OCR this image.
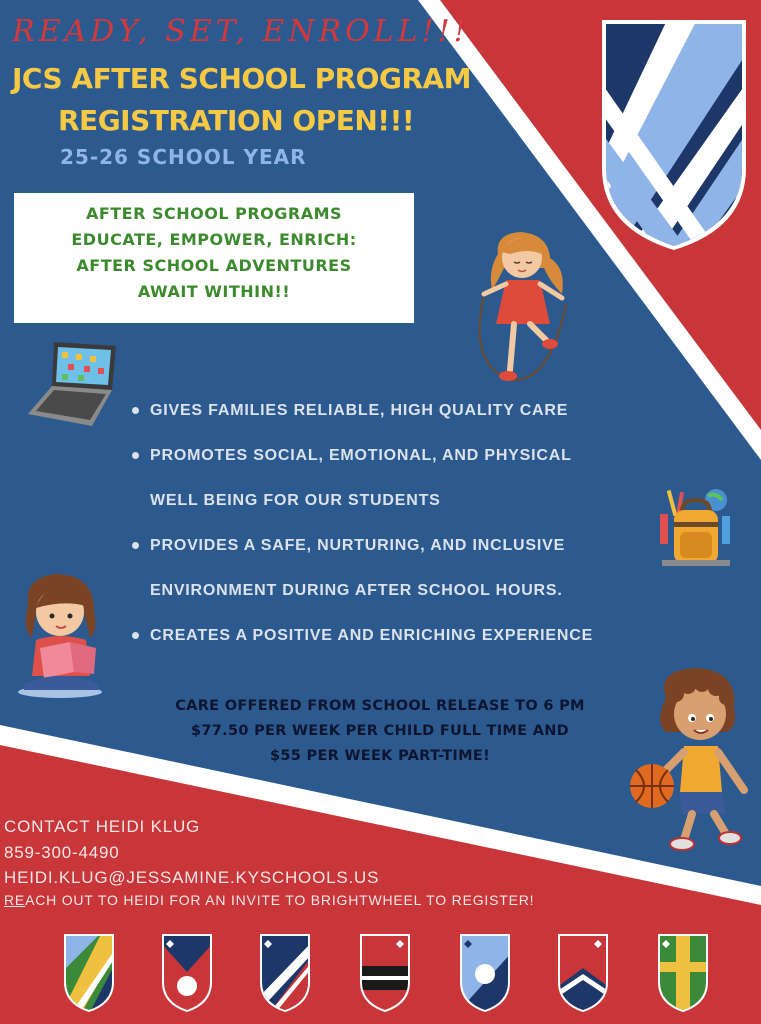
READY, SET, ENROLL!!!
JCS AFTER SCHOOL PROGRAM
REGISTRATION OPEN!!!
25-26 SCHOOL YEAR

AFTER SCHOOL PROGRAMS

EDUCATE, EMPOWER, ENRICH:

AFTER SCHOOL ADVENTURES

AWAIT WITHIN!!

GIVES FAMILIES RELIABLE, HIGH QUALITY CARE
PROMOTES SOCIAL, EMOTIONAL, AND PHYSICAL
WELL BEING FOR OUR STUDENTS
PROVIDES A SAFE, NURTURING, AND INCLUSIVE
ENVIRONMENT DURING AFTER SCHOOL HOURS.
CREATES A POSITIVE AND ENRICHING EXPERIENCE
CARE OFFERED FROM SCHOOL RELEASE TO 6 PM
$77.50 PER WEEK PER CHILD FULL TIME AND
$55 PER WEEK PART-TIME!
CONTACT HEIDI KLUG
859-300-4490
HEIDI.KLUG@JESSAMINE.KYSCHOOLS.US
REACH OUT TO HEIDI FOR AN INVITE TO BRIGHTWHEEL TO REGISTER!
